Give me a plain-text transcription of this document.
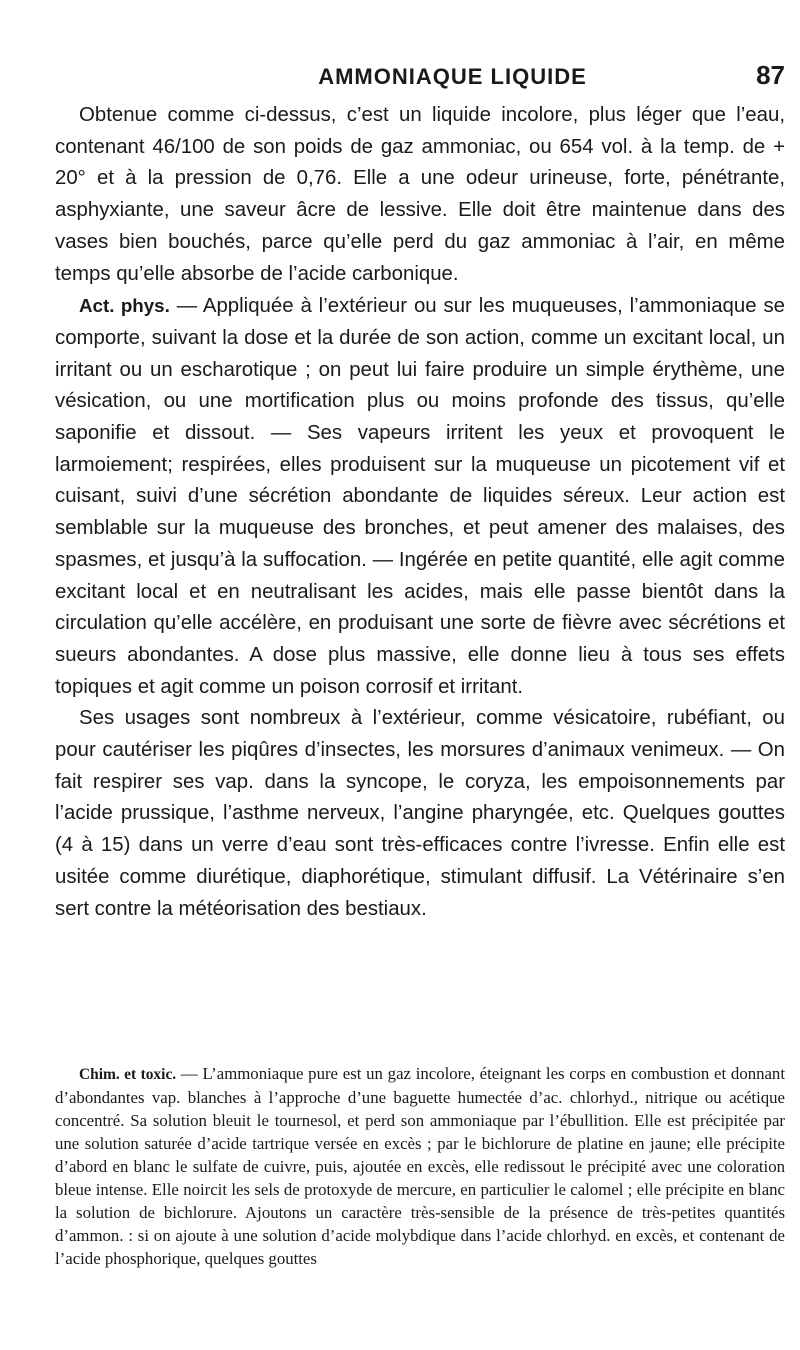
AMMONIAQUE LIQUIDE	87

Obtenue comme ci-dessus, c’est un liquide incolore, plus léger que l’eau, contenant 46/100 de son poids de gaz ammoniac, ou 654 vol. à la temp. de + 20° et à la pression de 0,76. Elle a une odeur urineuse, forte, pénétrante, asphyxiante, une saveur âcre de lessive. Elle doit être maintenue dans des vases bien bouchés, parce qu’elle perd du gaz ammoniac à l’air, en même temps qu’elle absorbe de l’acide carbonique.

Act. phys. — Appliquée à l’extérieur ou sur les muqueuses, l’ammoniaque se comporte, suivant la dose et la durée de son action, comme un excitant local, un irritant ou un escharotique ; on peut lui faire produire un simple érythème, une vésication, ou une mortification plus ou moins profonde des tissus, qu’elle saponifie et dissout. — Ses vapeurs irritent les yeux et provoquent le larmoiement; respirées, elles produisent sur la muqueuse un picotement vif et cuisant, suivi d’une sécrétion abondante de liquides séreux. Leur action est semblable sur la muqueuse des bronches, et peut amener des malaises, des spasmes, et jusqu’à la suffocation. — Ingérée en petite quantité, elle agit comme excitant local et en neutralisant les acides, mais elle passe bientôt dans la circulation qu’elle accélère, en produisant une sorte de fièvre avec sécrétions et sueurs abondantes. A dose plus massive, elle donne lieu à tous ses effets topiques et agit comme un poison corrosif et irritant.

Ses usages sont nombreux à l’extérieur, comme vésicatoire, rubéfiant, ou pour cautériser les piqûres d’insectes, les morsures d’animaux venimeux. — On fait respirer ses vap. dans la syncope, le coryza, les empoisonnements par l’acide prussique, l’asthme nerveux, l’angine pharyngée, etc. Quelques gouttes (4 à 15) dans un verre d’eau sont très-efficaces contre l’ivresse. Enfin elle est usitée comme diurétique, diaphorétique, stimulant diffusif. La Vétérinaire s’en sert contre la météorisation des bestiaux.

Chim. et toxic. — L’ammoniaque pure est un gaz incolore, éteignant les corps en combustion et donnant d’abondantes vap. blanches à l’approche d’une baguette humectée d’ac. chlorhyd., nitrique ou acétique concentré. Sa solution bleuit le tournesol, et perd son ammoniaque par l’ébullition. Elle est précipitée par une solution saturée d’acide tartrique versée en excès ; par le bichlorure de platine en jaune; elle précipite d’abord en blanc le sulfate de cuivre, puis, ajoutée en excès, elle redissout le précipité avec une coloration bleue intense. Elle noircit les sels de protoxyde de mercure, en particulier le calomel ; elle précipite en blanc la solution de bichlorure. Ajoutons un caractère très-sensible de la présence de très-petites quantités d’ammon. : si on ajoute à une solution d’acide molybdique dans l’acide chlorhyd. en excès, et contenant de l’acide phosphorique, quelques gouttes
